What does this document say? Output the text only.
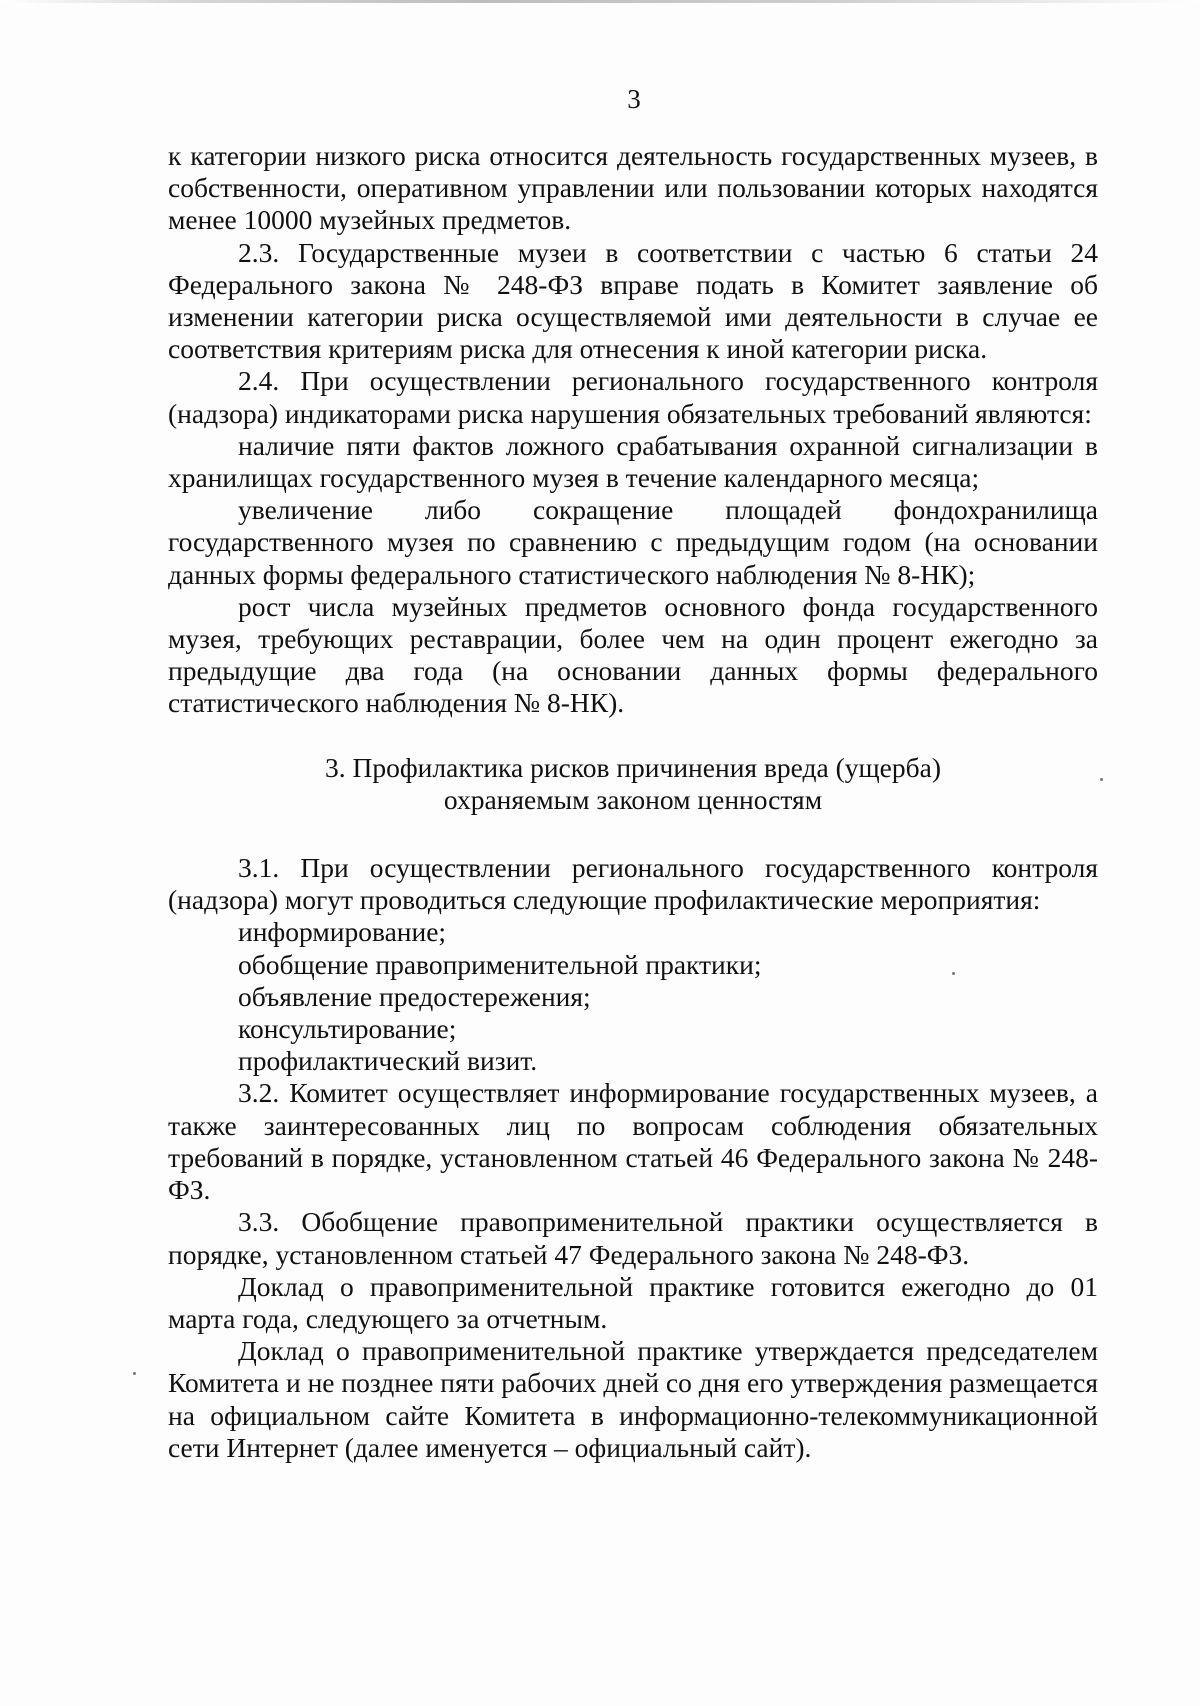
3

к категории низкого риска относится деятельность государственных музеев, в собственности, оперативном управлении или пользовании которых находятся менее 10000 музейных предметов.

2.3. Государственные музеи в соответствии с частью 6 статьи 24 Федерального закона № 248-ФЗ вправе подать в Комитет заявление об изменении категории риска осуществляемой ими деятельности в случае ее соответствия критериям риска для отнесения к иной категории риска.

2.4. При осуществлении регионального государственного контроля (надзора) индикаторами риска нарушения обязательных требований являются:

наличие пяти фактов ложного срабатывания охранной сигнализации в хранилищах государственного музея в течение календарного месяца;

увеличение либо сокращение площадей фондохранилища государственного музея по сравнению с предыдущим годом (на основании данных формы федерального статистического наблюдения № 8-НК);

рост числа музейных предметов основного фонда государственного музея, требующих реставрации, более чем на один процент ежегодно за предыдущие два года (на основании данных формы федерального статистического наблюдения № 8-НК).

3. Профилактика рисков причинения вреда (ущерба)
охраняемым законом ценностям

3.1. При осуществлении регионального государственного контроля (надзора) могут проводиться следующие профилактические мероприятия:

информирование;

обобщение правоприменительной практики;

объявление предостережения;

консультирование;

профилактический визит.

3.2. Комитет осуществляет информирование государственных музеев, а также заинтересованных лиц по вопросам соблюдения обязательных требований в порядке, установленном статьей 46 Федерального закона № 248-ФЗ.

3.3. Обобщение правоприменительной практики осуществляется в порядке, установленном статьей 47 Федерального закона № 248-ФЗ.

Доклад о правоприменительной практике готовится ежегодно до 01 марта года, следующего за отчетным.

Доклад о правоприменительной практике утверждается председателем Комитета и не позднее пяти рабочих дней со дня его утверждения размещается на официальном сайте Комитета в информационно-телекоммуникационной сети Интернет (далее именуется – официальный сайт).
